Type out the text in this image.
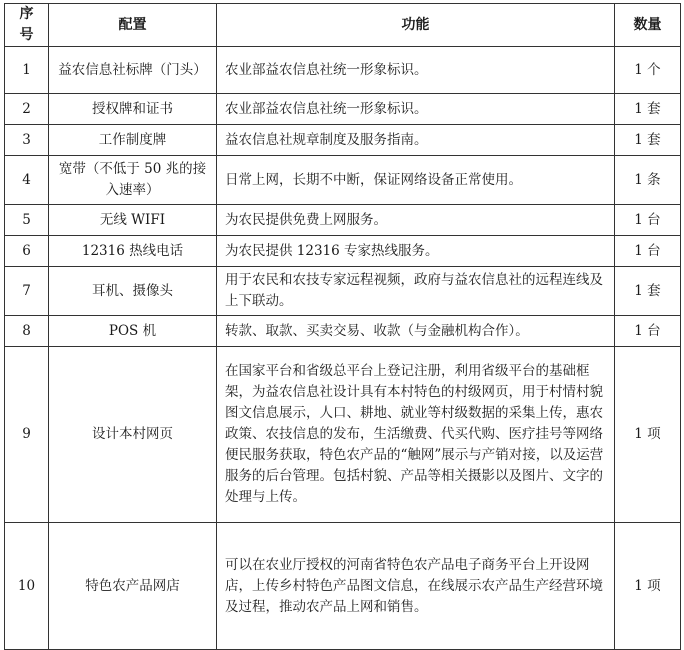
序号	配置	功能	数量
1	益农信息社标牌（门头）	农业部益农信息社统一形象标识。	1 个
2	授权牌和证书	农业部益农信息社统一形象标识。	1 套
3	工作制度牌	益农信息社规章制度及服务指南。	1 套
4	宽带（不低于 50 兆的接入速率）	日常上网，长期不中断，保证网络设备正常使用。	1 条
5	无线 WIFI	为农民提供免费上网服务。	1 台
6	12316 热线电话	为农民提供 12316 专家热线服务。	1 台
7	耳机、摄像头	用于农民和农技专家远程视频，政府与益农信息社的远程连线及上下联动。	1 套
8	POS 机	转款、取款、买卖交易、收款（与金融机构合作）。	1 台
9	设计本村网页	在国家平台和省级总平台上登记注册，利用省级平台的基础框架，为益农信息社设计具有本村特色的村级网页，用于村情村貌图文信息展示，人口、耕地、就业等村级数据的采集上传，惠农政策、农技信息的发布，生活缴费、代买代购、医疗挂号等网络便民服务获取，特色农产品的“触网”展示与产销对接，以及运营服务的后台管理。包括村貌、产品等相关摄影以及图片、文字的处理与上传。	1 项
10	特色农产品网店	可以在农业厅授权的河南省特色农产品电子商务平台上开设网店，上传乡村特色产品图文信息，在线展示农产品生产经营环境及过程，推动农产品上网和销售。	1 项
